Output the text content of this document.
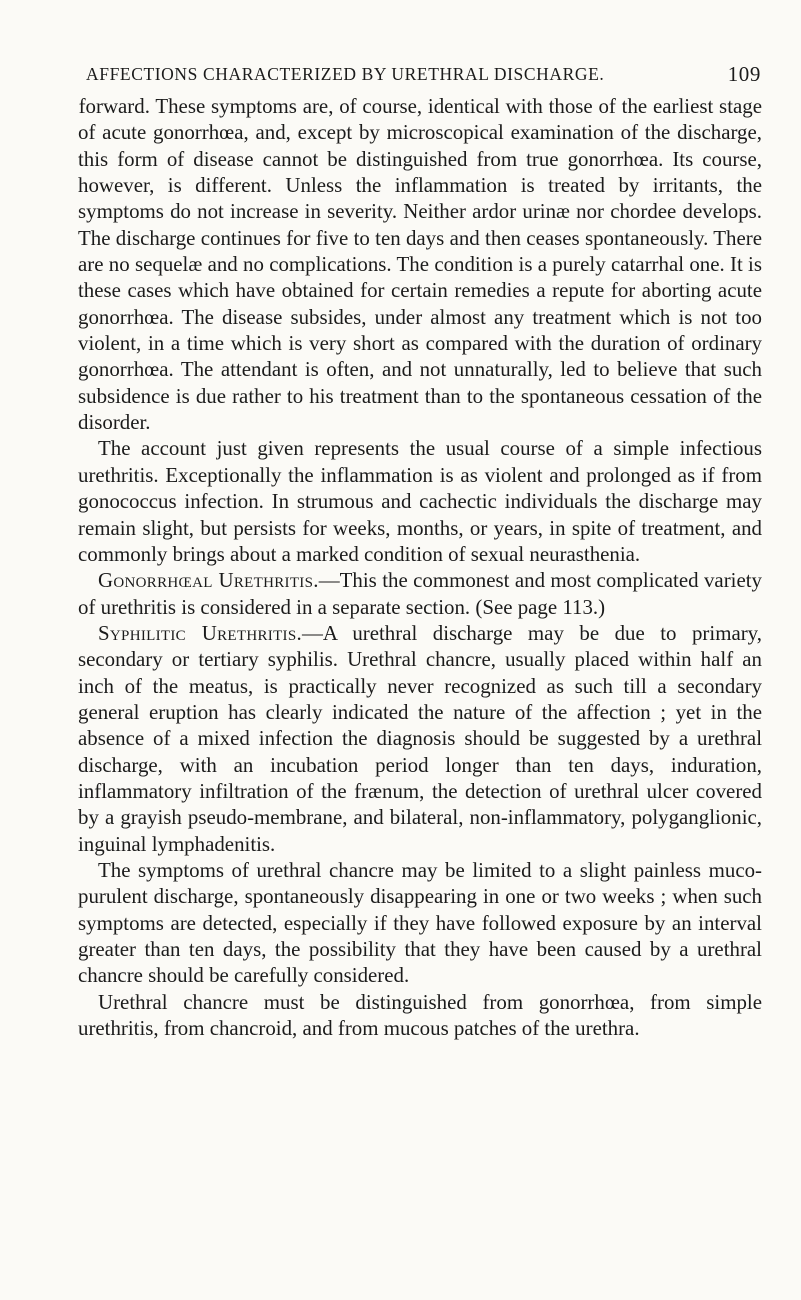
AFFECTIONS CHARACTERIZED BY URETHRAL DISCHARGE.	109

forward. These symptoms are, of course, identical with those of the earliest stage of acute gonorrhœa, and, except by microscopical examination of the discharge, this form of disease cannot be distinguished from true gonorrhœa. Its course, however, is different. Unless the inflammation is treated by irritants, the symptoms do not increase in severity. Neither ardor urinæ nor chordee develops. The discharge continues for five to ten days and then ceases spontaneously. There are no sequelæ and no complications. The condition is a purely catarrhal one. It is these cases which have obtained for certain remedies a repute for aborting acute gonorrhœa. The disease subsides, under almost any treatment which is not too violent, in a time which is very short as compared with the duration of ordinary gonorrhœa. The attendant is often, and not unnaturally, led to believe that such subsidence is due rather to his treatment than to the spontaneous cessation of the disorder.

The account just given represents the usual course of a simple infectious urethritis. Exceptionally the inflammation is as violent and prolonged as if from gonococcus infection. In strumous and cachectic individuals the discharge may remain slight, but persists for weeks, months, or years, in spite of treatment, and commonly brings about a marked condition of sexual neurasthenia.

Gonorrhœal Urethritis.—This the commonest and most complicated variety of urethritis is considered in a separate section. (See page 113.)

Syphilitic Urethritis.—A urethral discharge may be due to primary, secondary or tertiary syphilis. Urethral chancre, usually placed within half an inch of the meatus, is practically never recognized as such till a secondary general eruption has clearly indicated the nature of the affection ; yet in the absence of a mixed infection the diagnosis should be suggested by a urethral discharge, with an incubation period longer than ten days, induration, inflammatory infiltration of the frænum, the detection of urethral ulcer covered by a grayish pseudo-membrane, and bilateral, non-inflammatory, polyganglionic, inguinal lymphadenitis.

The symptoms of urethral chancre may be limited to a slight painless muco-purulent discharge, spontaneously disappearing in one or two weeks ; when such symptoms are detected, especially if they have followed exposure by an interval greater than ten days, the possibility that they have been caused by a urethral chancre should be carefully considered.

Urethral chancre must be distinguished from gonorrhœa, from simple urethritis, from chancroid, and from mucous patches of the urethra.
